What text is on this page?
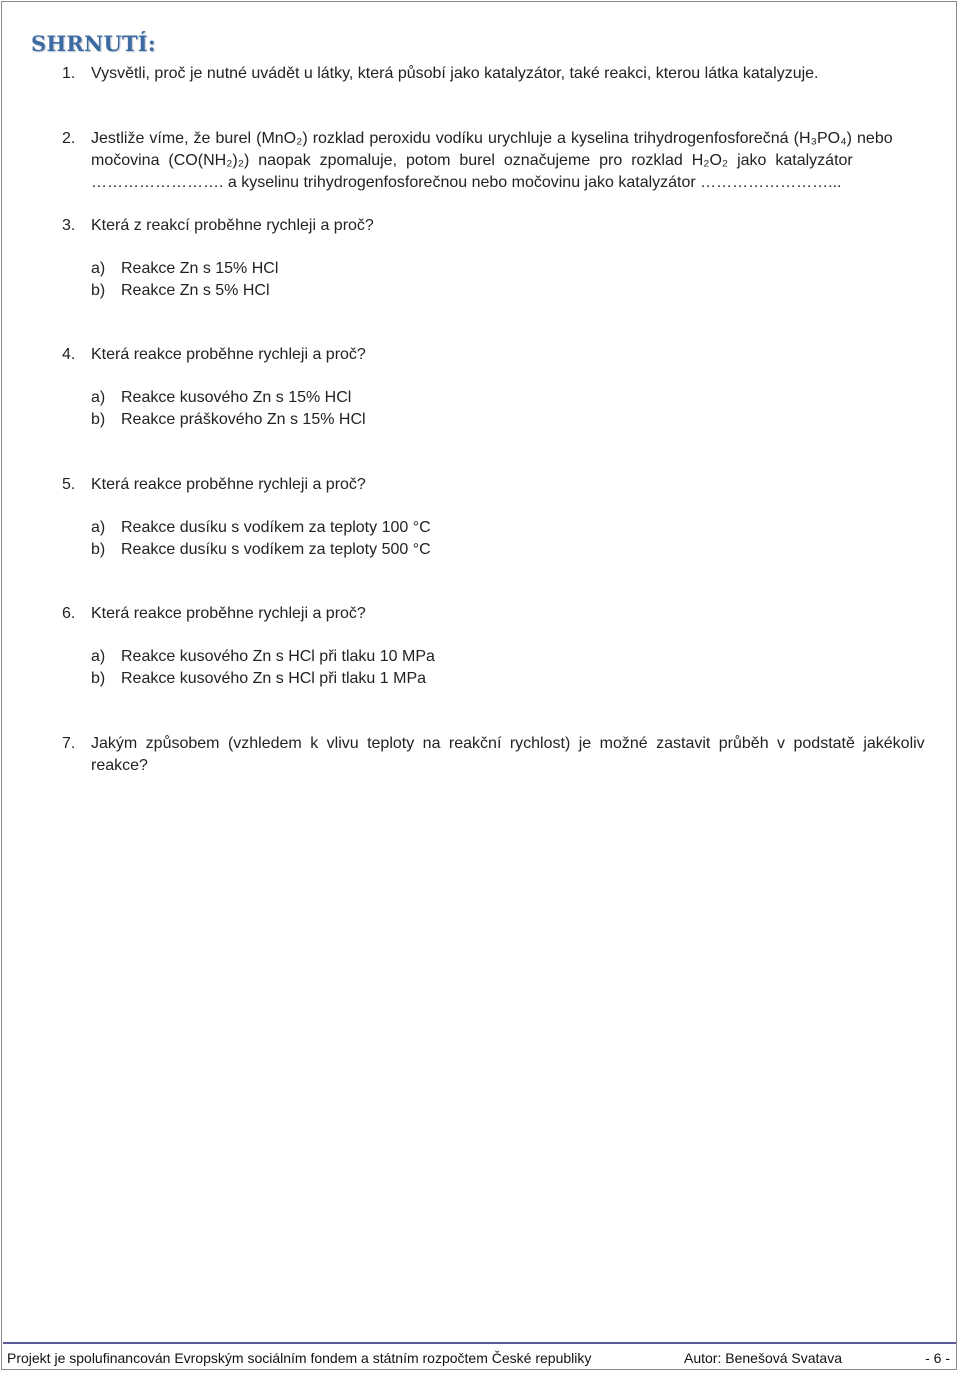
SHRNUTÍ:
1. Vysvětli, proč je nutné uvádět u látky, která působí jako katalyzátor, také reakci, kterou látka katalyzuje.
2. Jestliže víme, že burel (MnO₂) rozklad peroxidu vodíku urychluje a kyselina trihydrogenfosforečná (H₃PO₄) nebo
močovina (CO(NH₂)₂) naopak zpomaluje, potom burel označujeme pro rozklad H₂O₂ jako katalyzátor
……………………. a kyselinu trihydrogenfosforečnou nebo močovinu jako katalyzátor ……………………...
3. Která z reakcí proběhne rychleji a proč?
a) Reakce Zn s 15% HCl
b) Reakce Zn s 5% HCl
4. Která reakce proběhne rychleji a proč?
a) Reakce kusového Zn s 15% HCl
b) Reakce práškového Zn s 15% HCl
5. Která reakce proběhne rychleji a proč?
a) Reakce dusíku s vodíkem za teploty 100 °C
b) Reakce dusíku s vodíkem za teploty 500 °C
6. Která reakce proběhne rychleji a proč?
a) Reakce kusového Zn s HCl při tlaku 10 MPa
b) Reakce kusového Zn s HCl při tlaku 1 MPa
7. Jakým způsobem (vzhledem k vlivu teploty na reakční rychlost) je možné zastavit průběh v podstatě jakékoliv
reakce?
Projekt je spolufinancován Evropským sociálním fondem a státním rozpočtem České republiky	Autor: Benešová Svatava	- 6 -
